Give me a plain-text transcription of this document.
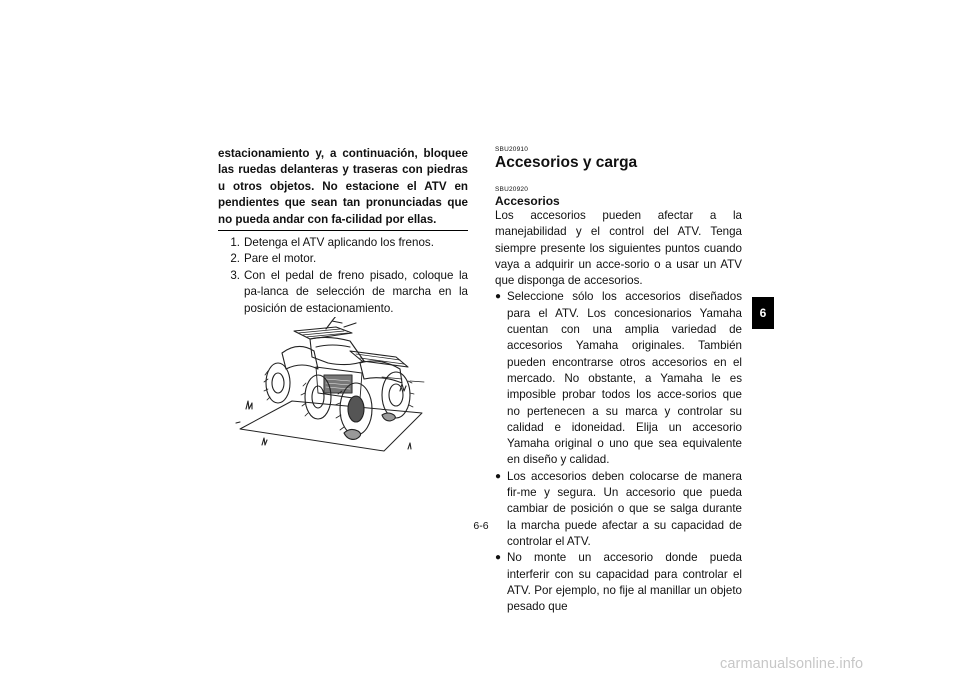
estacionamiento y, a continuación, bloquee las ruedas delanteras y traseras con piedras u otros objetos. No estacione el ATV en pendientes que sean tan pronunciadas que no pueda andar con fa-cilidad por ellas.

1. Detenga el ATV aplicando los frenos.
2. Pare el motor.
3. Con el pedal de freno pisado, coloque la pa-lanca de selección de marcha en la posición de estacionamiento.
SBU20910
Accesorios y carga
SBU20920
Accesorios

Los accesorios pueden afectar a la manejabilidad y el control del ATV. Tenga siempre presente los siguientes puntos cuando vaya a adquirir un acce-sorio o a usar un ATV que disponga de accesorios.

● Seleccione sólo los accesorios diseñados para el ATV. Los concesionarios Yamaha cuentan con una amplia variedad de accesorios Yamaha originales. También pueden encontrarse otros accesorios en el mercado. No obstante, a Yamaha le es imposible probar todos los acce-sorios que no pertenecen a su marca y controlar su calidad e idoneidad. Elija un accesorio Yamaha original o uno que sea equivalente en diseño y calidad.
● Los accesorios deben colocarse de manera fir-me y segura. Un accesorio que pueda cambiar de posición o que se salga durante la marcha puede afectar a su capacidad de controlar el ATV.
● No monte un accesorio donde pueda interferir con su capacidad para controlar el ATV. Por ejemplo, no fije al manillar un objeto pesado que
6
6-6
carmanualsonline.info
